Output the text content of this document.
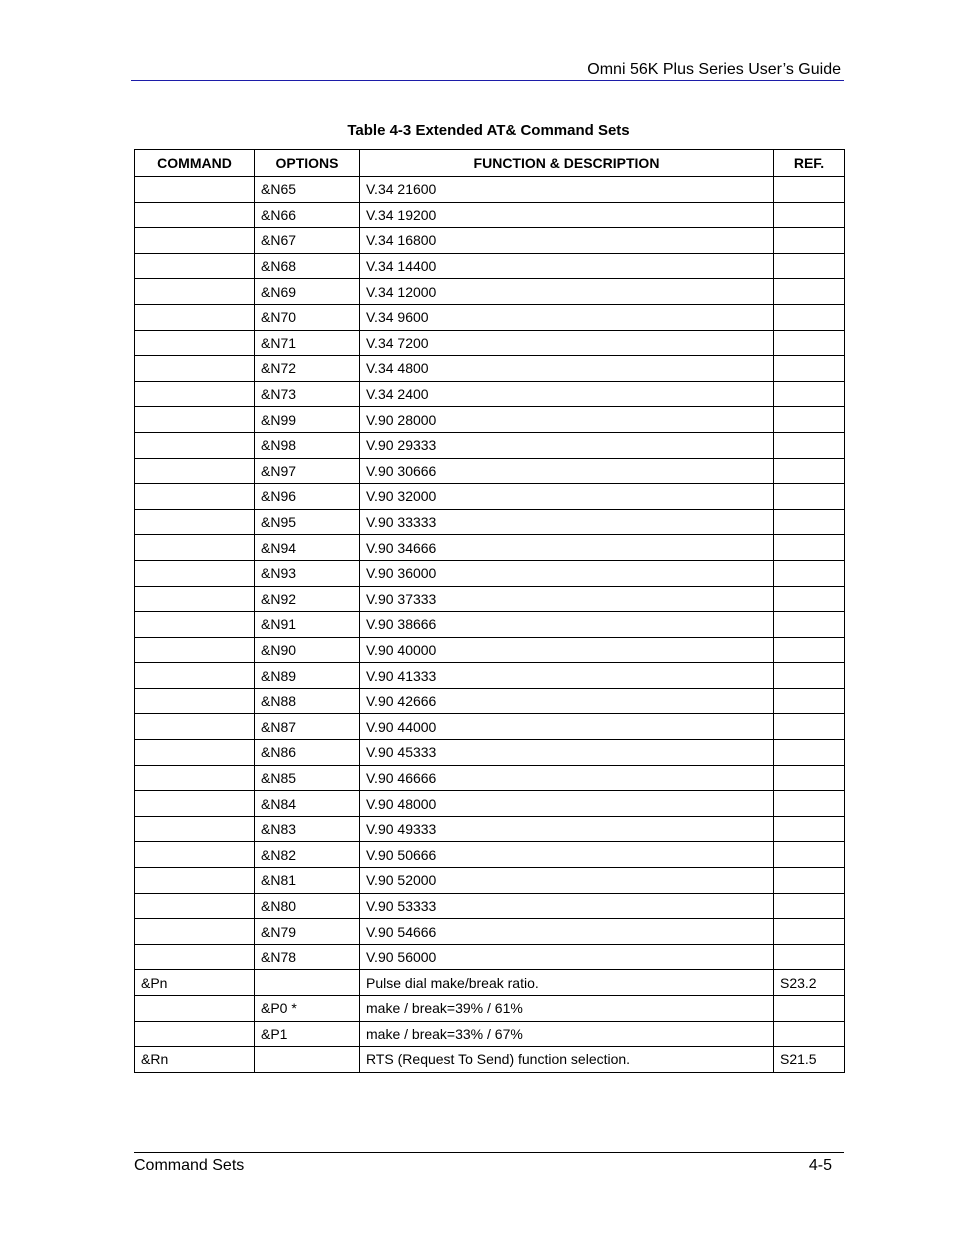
Omni 56K Plus Series User’s Guide
Table 4-3 Extended AT& Command Sets
COMMAND	OPTIONS	FUNCTION & DESCRIPTION	REF.
	&N65	V.34 21600	
	&N66	V.34 19200	
	&N67	V.34 16800	
	&N68	V.34 14400	
	&N69	V.34 12000	
	&N70	V.34 9600	
	&N71	V.34 7200	
	&N72	V.34 4800	
	&N73	V.34 2400	
	&N99	V.90 28000	
	&N98	V.90 29333	
	&N97	V.90 30666	
	&N96	V.90 32000	
	&N95	V.90 33333	
	&N94	V.90 34666	
	&N93	V.90 36000	
	&N92	V.90 37333	
	&N91	V.90 38666	
	&N90	V.90 40000	
	&N89	V.90 41333	
	&N88	V.90 42666	
	&N87	V.90 44000	
	&N86	V.90 45333	
	&N85	V.90 46666	
	&N84	V.90 48000	
	&N83	V.90 49333	
	&N82	V.90 50666	
	&N81	V.90 52000	
	&N80	V.90 53333	
	&N79	V.90 54666	
	&N78	V.90 56000	
&Pn		Pulse dial make/break ratio.	S23.2
	&P0 *	make / break=39% / 61%	
	&P1	make / break=33% / 67%	
&Rn		RTS (Request To Send) function selection.	S21.5
Command Sets	4-5
